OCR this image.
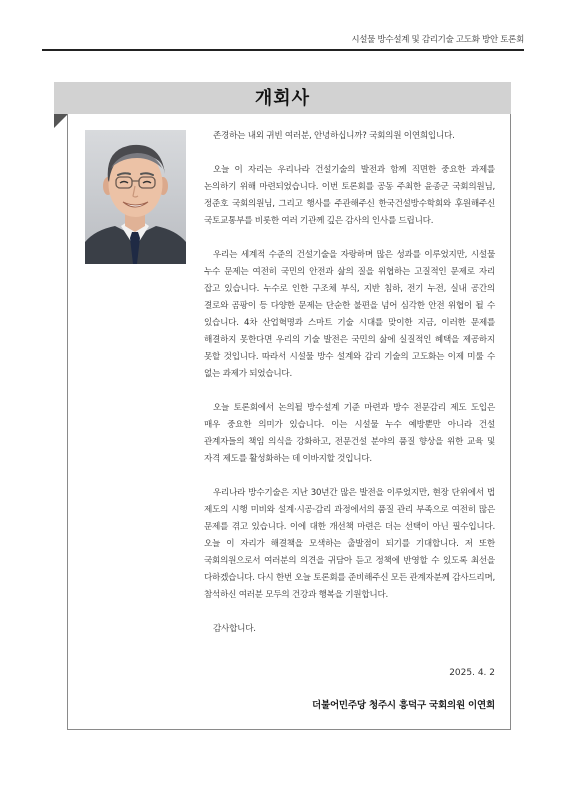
시설물 방수설계 및 감리기술 고도화 방안 토론회
개회사

존경하는 내외 귀빈 여러분, 안녕하십니까? 국회의원 이연희입니다.

오늘 이 자리는 우리나라 건설기술의 발전과 함께 직면한 중요한 과제를 논의하기 위해 마련되었습니다. 이번 토론회를 공동 주최한 윤종군 국회의원님, 정준호 국회의원님, 그리고 행사를 주관해주신 한국건설방수학회와 후원해주신 국토교통부를 비롯한 여러 기관께 깊은 감사의 인사를 드립니다.

우리는 세계적 수준의 건설기술을 자랑하며 많은 성과를 이루었지만, 시설물 누수 문제는 여전히 국민의 안전과 삶의 질을 위협하는 고질적인 문제로 자리 잡고 있습니다. 누수로 인한 구조체 부식, 지반 침하, 전기 누전, 실내 공간의 결로와 곰팡이 등 다양한 문제는 단순한 불편을 넘어 심각한 안전 위협이 될 수 있습니다. 4차 산업혁명과 스마트 기술 시대를 맞이한 지금, 이러한 문제를 해결하지 못한다면 우리의 기술 발전은 국민의 삶에 실질적인 혜택을 제공하지 못할 것입니다. 따라서 시설물 방수 설계와 감리 기술의 고도화는 이제 미룰 수 없는 과제가 되었습니다.

오늘 토론회에서 논의될 방수설계 기준 마련과 방수 전문감리 제도 도입은 매우 중요한 의미가 있습니다. 이는 시설물 누수 예방뿐만 아니라 건설 관계자들의 책임 의식을 강화하고, 전문건설 분야의 품질 향상을 위한 교육 및 자격 제도를 활성화하는 데 이바지할 것입니다.

우리나라 방수기술은 지난 30년간 많은 발전을 이루었지만, 현장 단위에서 법 제도의 시행 미비와 설계·시공·감리 과정에서의 품질 관리 부족으로 여전히 많은 문제를 겪고 있습니다. 이에 대한 개선책 마련은 더는 선택이 아닌 필수입니다. 오늘 이 자리가 해결책을 모색하는 출발점이 되기를 기대합니다. 저 또한 국회의원으로서 여러분의 의견을 귀담아 듣고 정책에 반영할 수 있도록 최선을 다하겠습니다. 다시 한번 오늘 토론회를 준비해주신 모든 관계자분께 감사드리며, 참석하신 여러분 모두의 건강과 행복을 기원합니다.

감사합니다.

2025. 4. 2
더불어민주당 청주시 흥덕구 국회의원 이연희
